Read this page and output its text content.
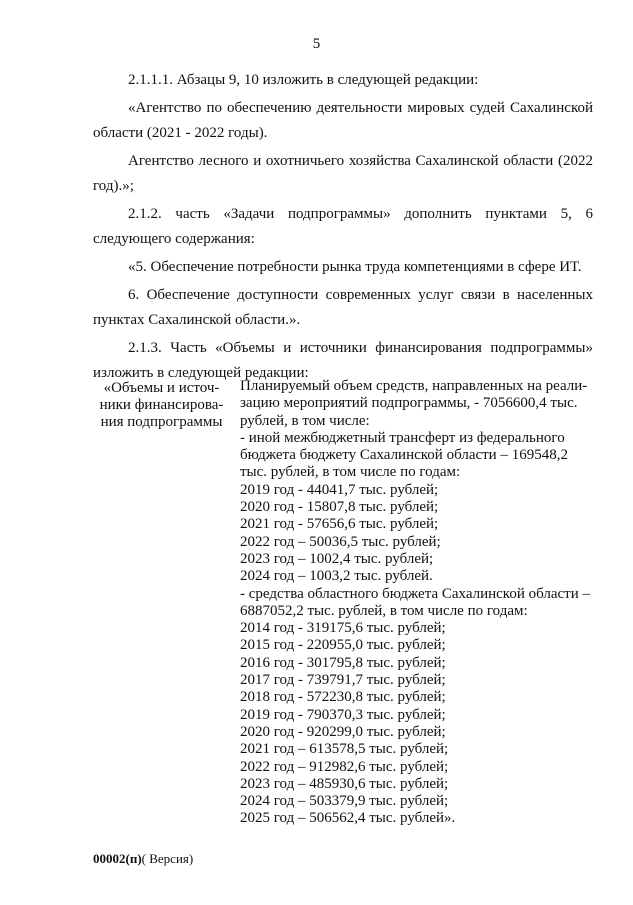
5

2.1.1.1. Абзацы 9, 10 изложить в следующей редакции:

«Агентство по обеспечению деятельности мировых судей Сахалинской области (2021 - 2022 годы).

Агентство лесного и охотничьего хозяйства Сахалинской области (2022 год).»;

2.1.2. часть «Задачи подпрограммы» дополнить пунктами 5, 6 следующего содержания:

«5. Обеспечение потребности рынка труда компетенциями в сфере ИТ.

6. Обеспечение доступности современных услуг связи в населенных пунктах Сахалинской области.».

2.1.3. Часть «Объемы и источники финансирования подпрограммы» изложить в следующей редакции:

«Объемы и источ-
ники финансирова-
ния подпрограммы
Планируемый объем средств, направленных на реали-
зацию мероприятий подпрограммы, - 7056600,4 тыс.
рублей, в том числе:
- иной межбюджетный трансферт из федерального
бюджета бюджету Сахалинской области – 169548,2
тыс. рублей, в том числе по годам:
2019 год - 44041,7 тыс. рублей;
2020 год - 15807,8 тыс. рублей;
2021 год - 57656,6 тыс. рублей;
2022 год – 50036,5 тыс. рублей;
2023 год – 1002,4 тыс. рублей;
2024 год – 1003,2 тыс. рублей.
- средства областного бюджета Сахалинской области –
6887052,2 тыс. рублей, в том числе по годам:
2014 год - 319175,6 тыс. рублей;
2015 год - 220955,0 тыс. рублей;
2016 год - 301795,8 тыс. рублей;
2017 год - 739791,7 тыс. рублей;
2018 год - 572230,8 тыс. рублей;
2019 год - 790370,3 тыс. рублей;
2020 год - 920299,0 тыс. рублей;
2021 год – 613578,5 тыс. рублей;
2022 год – 912982,6 тыс. рублей;
2023 год – 485930,6 тыс. рублей;
2024 год – 503379,9 тыс. рублей;
2025 год – 506562,4 тыс. рублей».
00002(п)( Версия)
